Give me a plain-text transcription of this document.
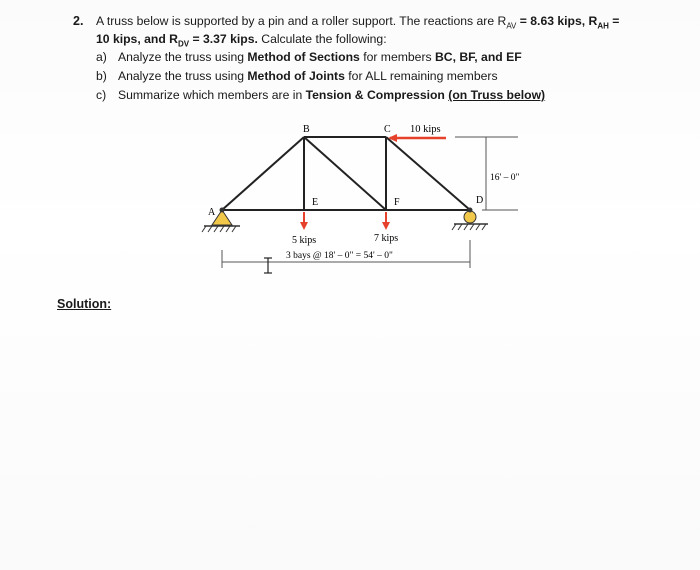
2. A truss below is supported by a pin and a roller support. The reactions are $R_{AV} = 8.63$ kips, $R_{AH}$ =
10 kips, and $R_{DV} = 3.37$ kips. Calculate the following:
a) Analyze the truss using Method of Sections for members BC, BF, and EF
b) Analyze the truss using Method of Joints for ALL remaining members
c) Summarize which members are in Tension & Compression (on Truss below)
10 kips
5 kips	7 kips
B	C
A
D
E	F
16' – 0"
3 bays @ 18' – 0" = 54' – 0"
Solution:
